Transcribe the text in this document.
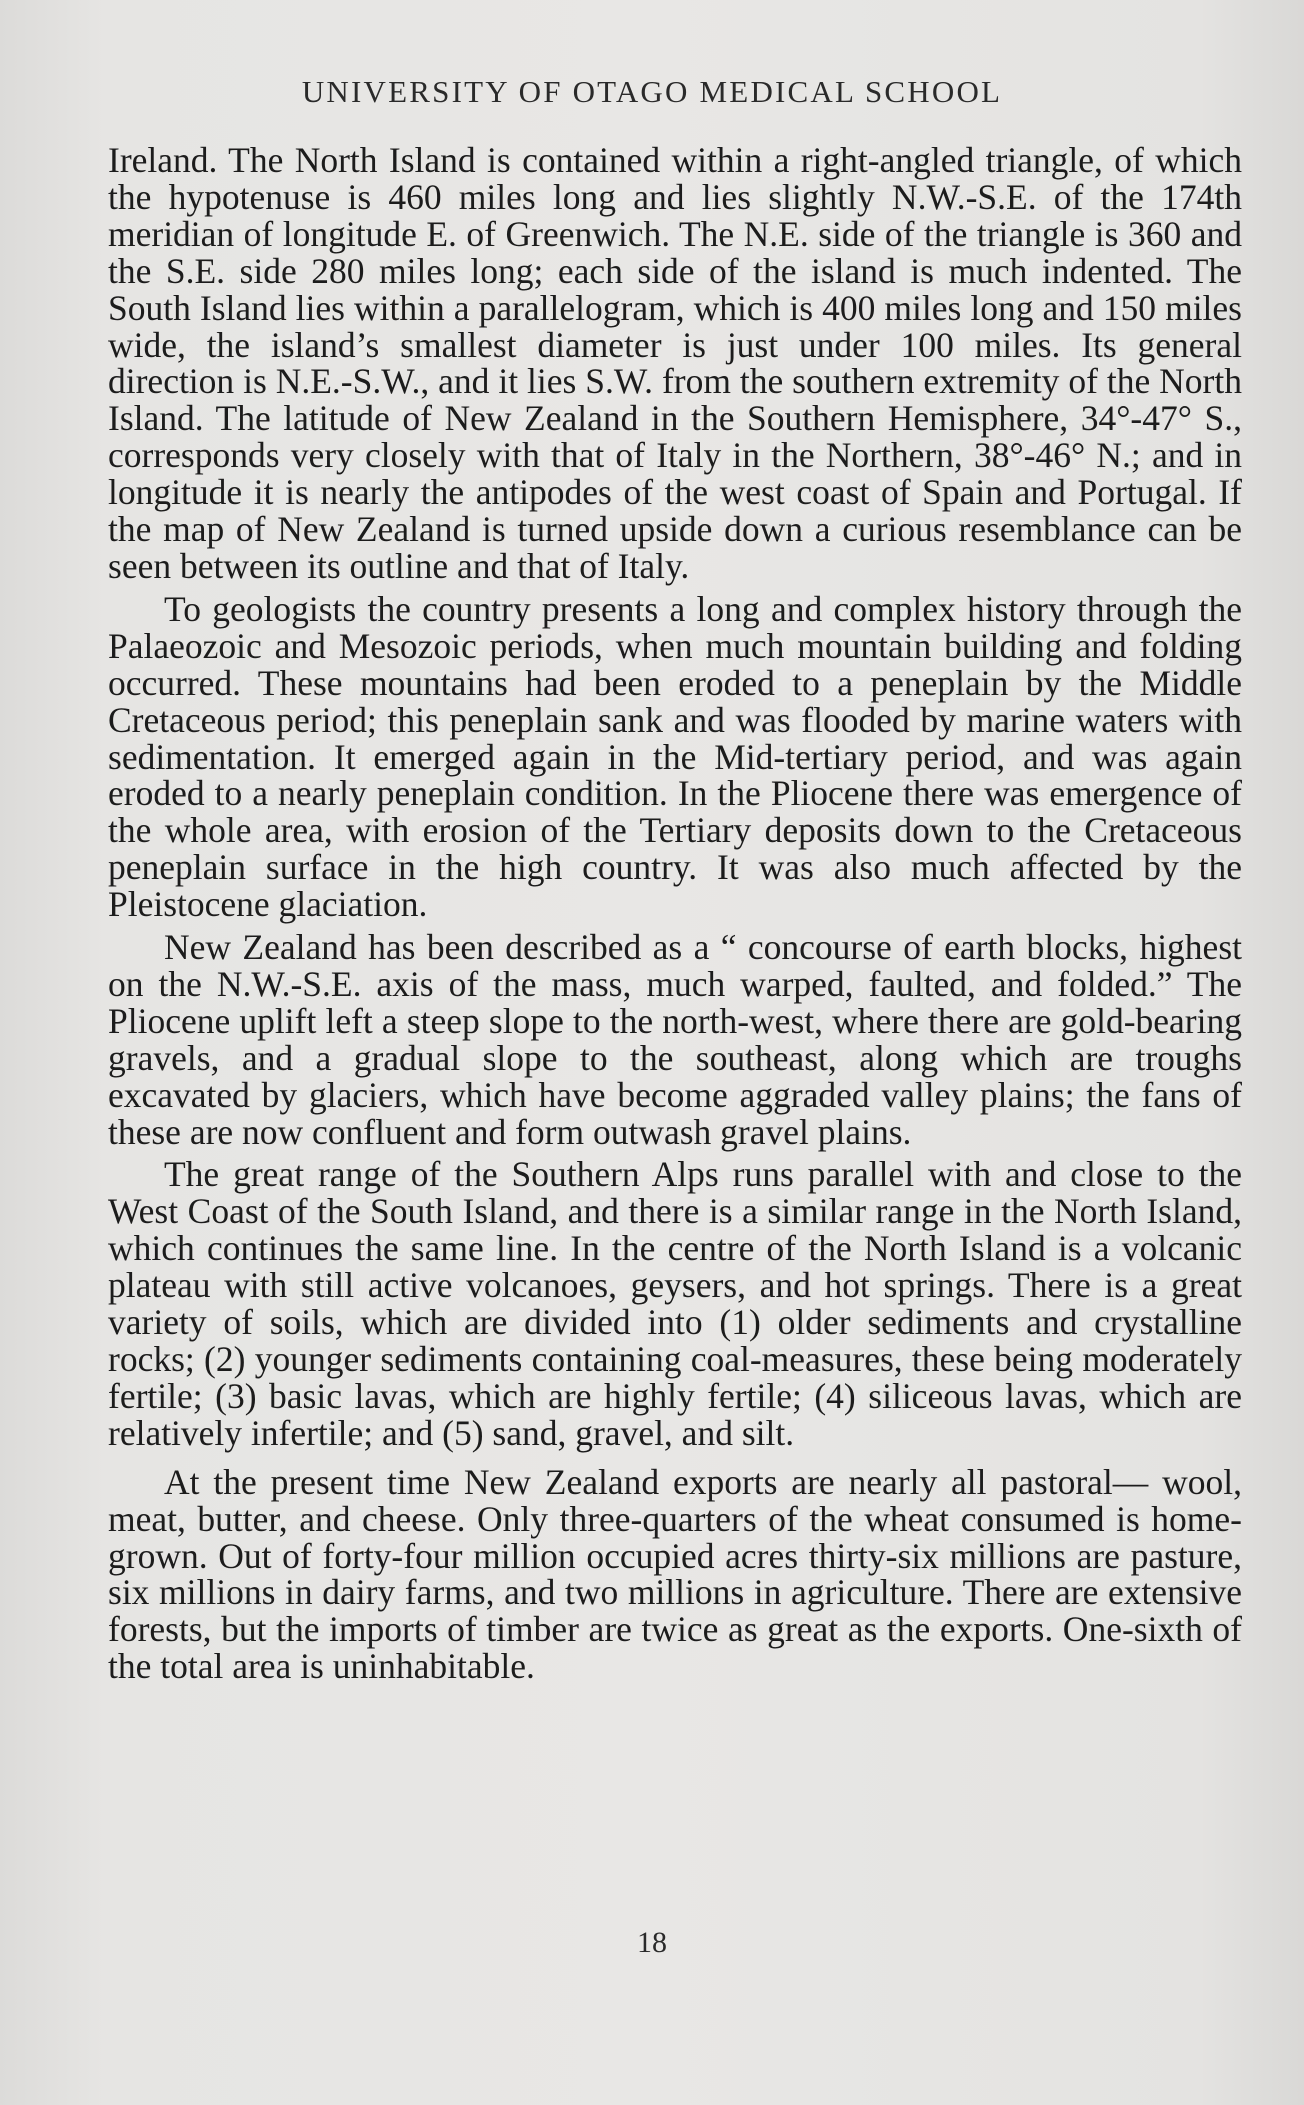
UNIVERSITY OF OTAGO MEDICAL SCHOOL

Ireland. The North Island is contained within a right-angled triangle, of which the hypotenuse is 460 miles long and lies slightly N.W.-S.E. of the 174th meridian of longitude E. of Greenwich. The N.E. side of the triangle is 360 and the S.E. side 280 miles long; each side of the island is much indented. The South Island lies within a parallelogram, which is 400 miles long and 150 miles wide, the island’s smallest diameter is just under 100 miles. Its general direction is N.E.-S.W., and it lies S.W. from the southern extremity of the North Island. The latitude of New Zealand in the Southern Hemisphere, 34°-47° S., corresponds very closely with that of Italy in the Northern, 38°-46° N.; and in longitude it is nearly the antipodes of the west coast of Spain and Portugal. If the map of New Zealand is turned upside down a curious resemblance can be seen between its outline and that of Italy.

To geologists the country presents a long and complex history through the Palaeozoic and Mesozoic periods, when much mountain building and folding occurred. These mountains had been eroded to a peneplain by the Middle Cretaceous period; this peneplain sank and was flooded by marine waters with sedimentation. It emerged again in the Mid-tertiary period, and was again eroded to a nearly peneplain condition. In the Pliocene there was emergence of the whole area, with erosion of the Tertiary deposits down to the Cretaceous peneplain surface in the high country. It was also much affected by the Pleistocene glaciation.

New Zealand has been described as a “ concourse of earth blocks, highest on the N.W.-S.E. axis of the mass, much warped, faulted, and folded.” The Pliocene uplift left a steep slope to the north-west, where there are gold-bearing gravels, and a gradual slope to the southeast, along which are troughs excavated by glaciers, which have become aggraded valley plains; the fans of these are now confluent and form outwash gravel plains.

The great range of the Southern Alps runs parallel with and close to the West Coast of the South Island, and there is a similar range in the North Island, which continues the same line. In the centre of the North Island is a volcanic plateau with still active volcanoes, geysers, and hot springs. There is a great variety of soils, which are divided into (1) older sediments and crystalline rocks; (2) younger sediments containing coal-measures, these being moderately fertile; (3) basic lavas, which are highly fertile; (4) siliceous lavas, which are relatively infertile; and (5) sand, gravel, and silt.

At the present time New Zealand exports are nearly all pastoral— wool, meat, butter, and cheese. Only three-quarters of the wheat consumed is home-grown. Out of forty-four million occupied acres thirty-six millions are pasture, six millions in dairy farms, and two millions in agriculture. There are extensive forests, but the imports of timber are twice as great as the exports. One-sixth of the total area is uninhabitable.

18
